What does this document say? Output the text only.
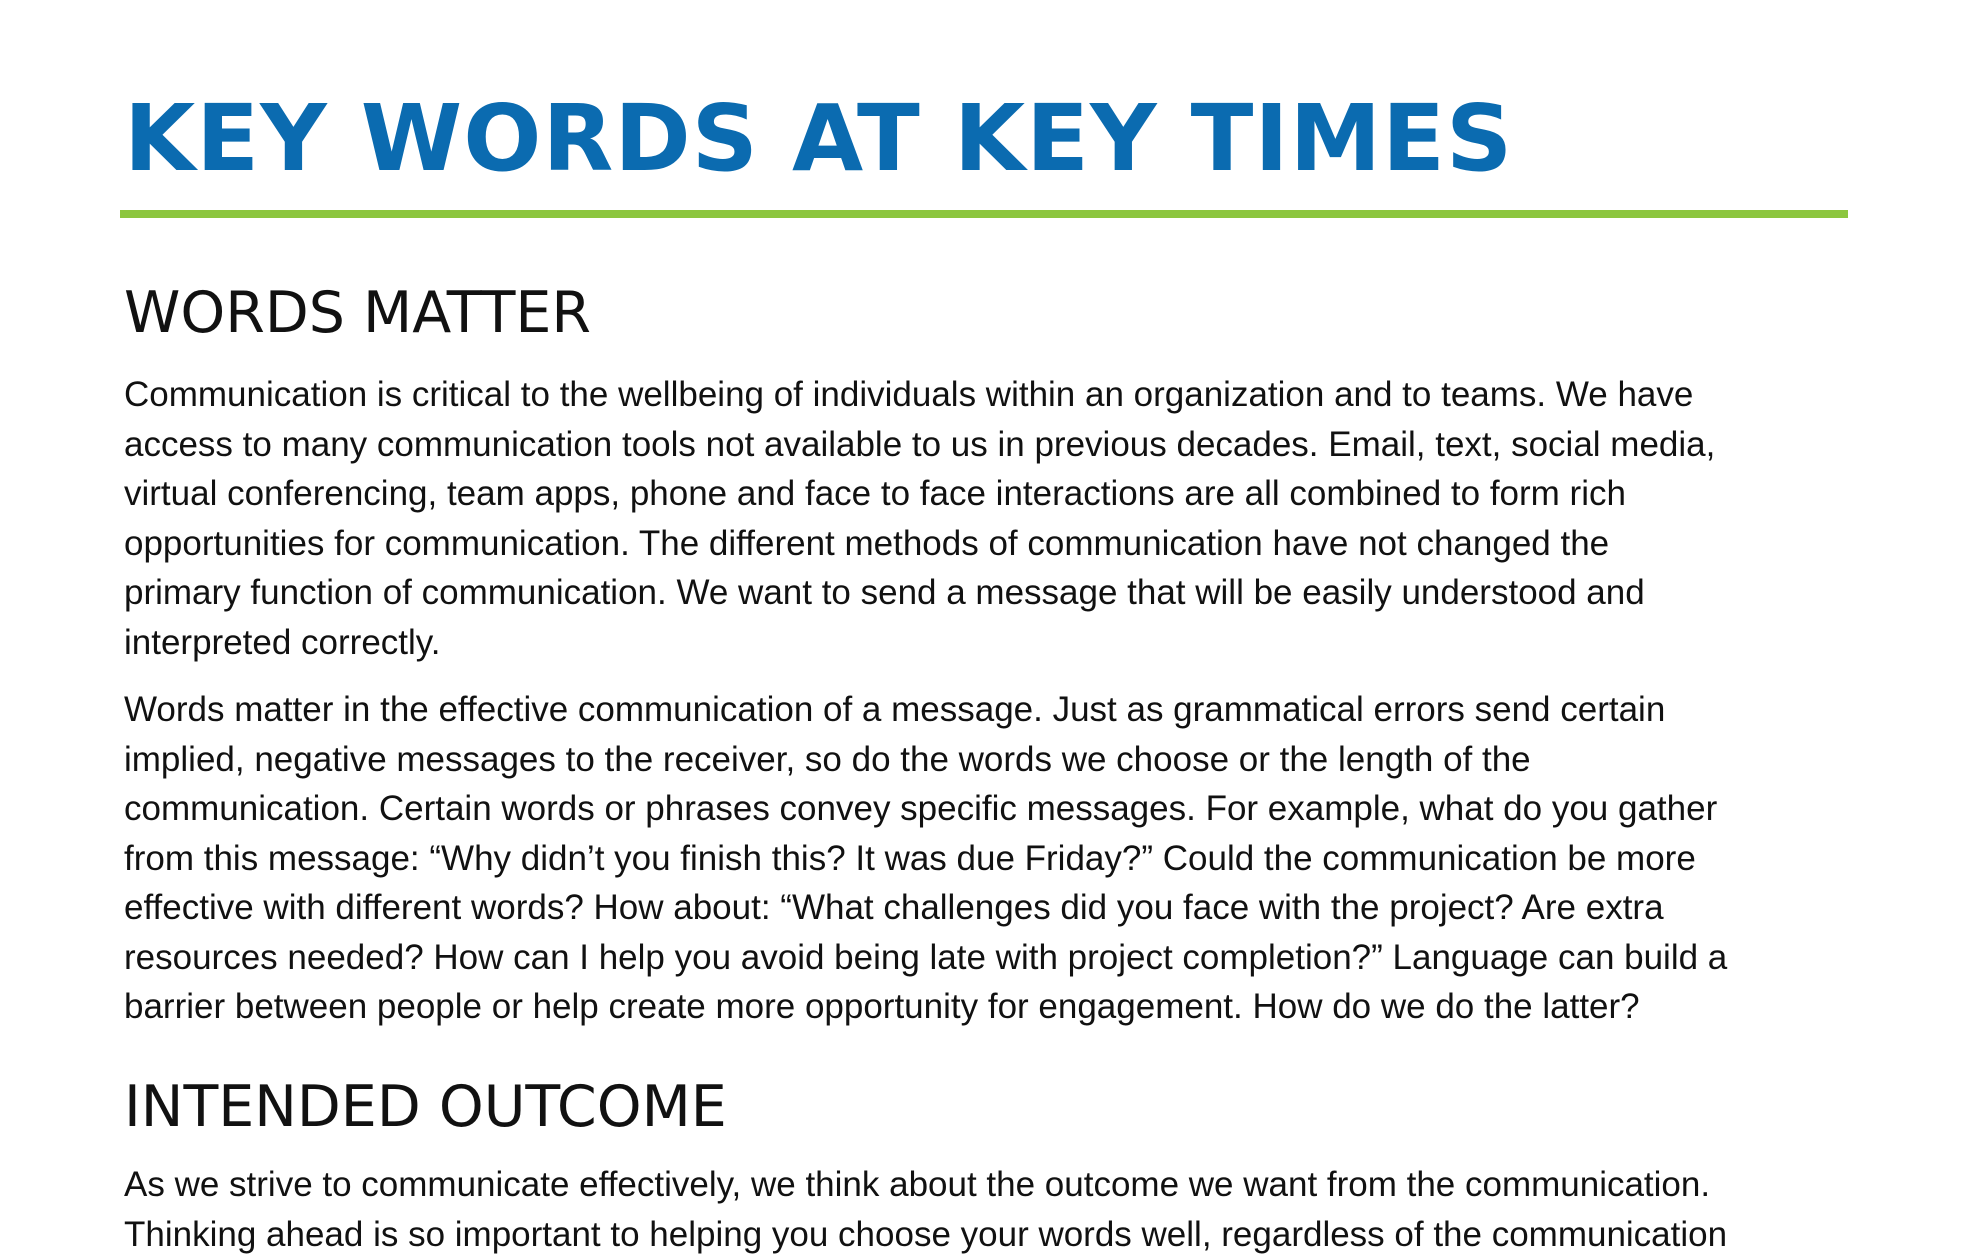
KEY WORDS AT KEY TIMES
WORDS MATTER

Communication is critical to the wellbeing of individuals within an organization and to teams. We have
access to many communication tools not available to us in previous decades. Email, text, social media,
virtual conferencing, team apps, phone and face to face interactions are all combined to form rich
opportunities for communication. The different methods of communication have not changed the
primary function of communication. We want to send a message that will be easily understood and
interpreted correctly.

Words matter in the effective communication of a message. Just as grammatical errors send certain
implied, negative messages to the receiver, so do the words we choose or the length of the
communication. Certain words or phrases convey specific messages. For example, what do you gather
from this message: “Why didn’t you finish this? It was due Friday?” Could the communication be more
effective with different words? How about: “What challenges did you face with the project? Are extra
resources needed? How can I help you avoid being late with project completion?” Language can build a
barrier between people or help create more opportunity for engagement. How do we do the latter?

INTENDED OUTCOME

As we strive to communicate effectively, we think about the outcome we want from the communication.
Thinking ahead is so important to helping you choose your words well, regardless of the communication
